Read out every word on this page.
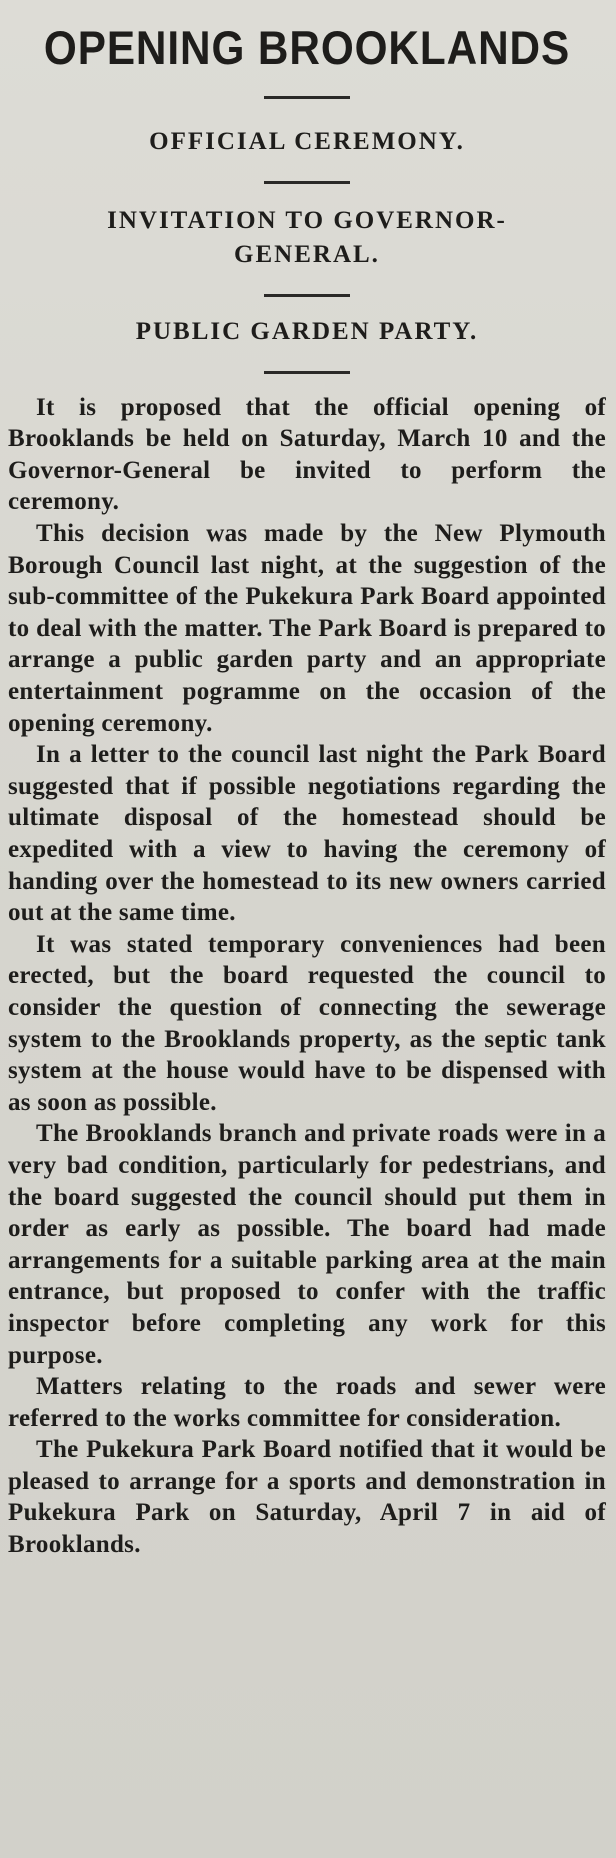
OPENING BROOKLANDS
OFFICIAL CEREMONY.
INVITATION TO GOVERNOR-GENERAL.
PUBLIC GARDEN PARTY.

It is proposed that the official opening of Brooklands be held on Saturday, March 10 and the Governor-General be invited to perform the ceremony.

This decision was made by the New Plymouth Borough Council last night, at the suggestion of the sub-committee of the Pukekura Park Board appointed to deal with the matter. The Park Board is prepared to arrange a public garden party and an appropriate entertainment pogramme on the occasion of the opening ceremony.

In a letter to the council last night the Park Board suggested that if possible negotiations regarding the ultimate disposal of the homestead should be expedited with a view to having the ceremony of handing over the homestead to its new owners carried out at the same time.

It was stated temporary conveniences had been erected, but the board requested the council to consider the question of connecting the sewerage system to the Brooklands property, as the septic tank system at the house would have to be dispensed with as soon as possible.

The Brooklands branch and private roads were in a very bad condition, particularly for pedestrians, and the board suggested the council should put them in order as early as possible. The board had made arrangements for a suitable parking area at the main entrance, but proposed to confer with the traffic inspector before completing any work for this purpose.

Matters relating to the roads and sewer were referred to the works committee for consideration.

The Pukekura Park Board notified that it would be pleased to arrange for a sports and demonstration in Pukekura Park on Saturday, April 7 in aid of Brooklands.
